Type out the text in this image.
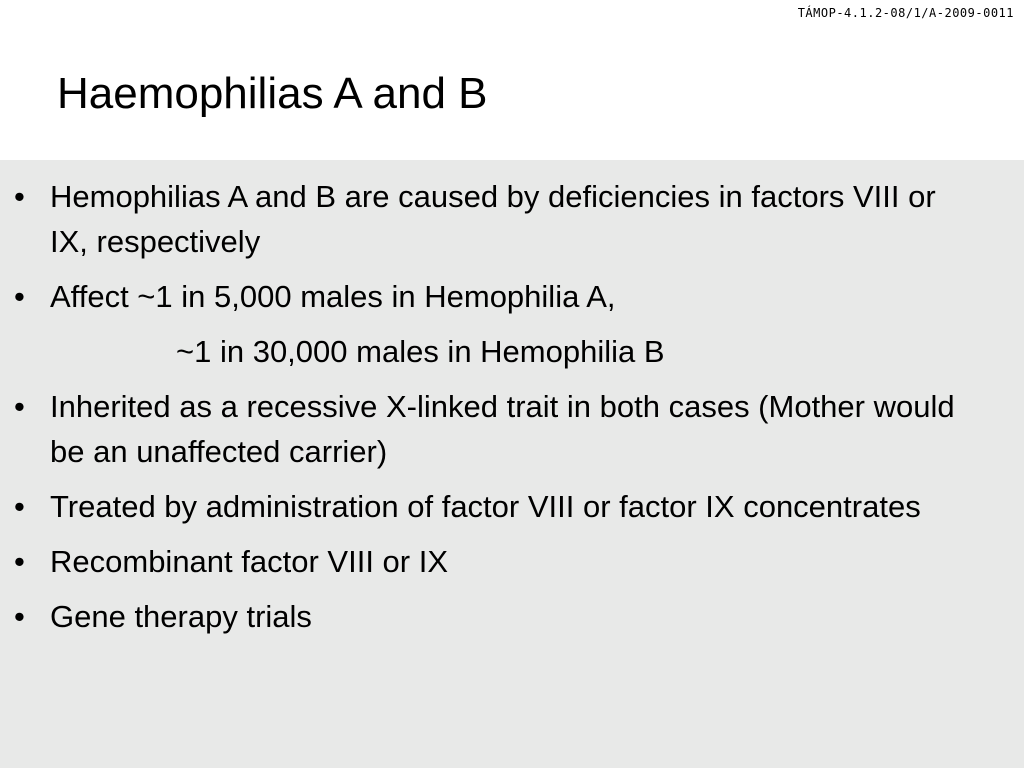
TÁMOP-4.1.2-08/1/A-2009-0011
Haemophilias A and B
• Hemophilias A and B are caused by deficiencies in factors VIII or IX, respectively
• Affect ~1 in 5,000 males in Hemophilia A,
~1 in 30,000 males in Hemophilia B
• Inherited as a recessive X-linked trait in both cases (Mother would be an unaffected carrier)
• Treated by administration of factor VIII or factor IX concentrates
• Recombinant factor VIII or IX
• Gene therapy trials
